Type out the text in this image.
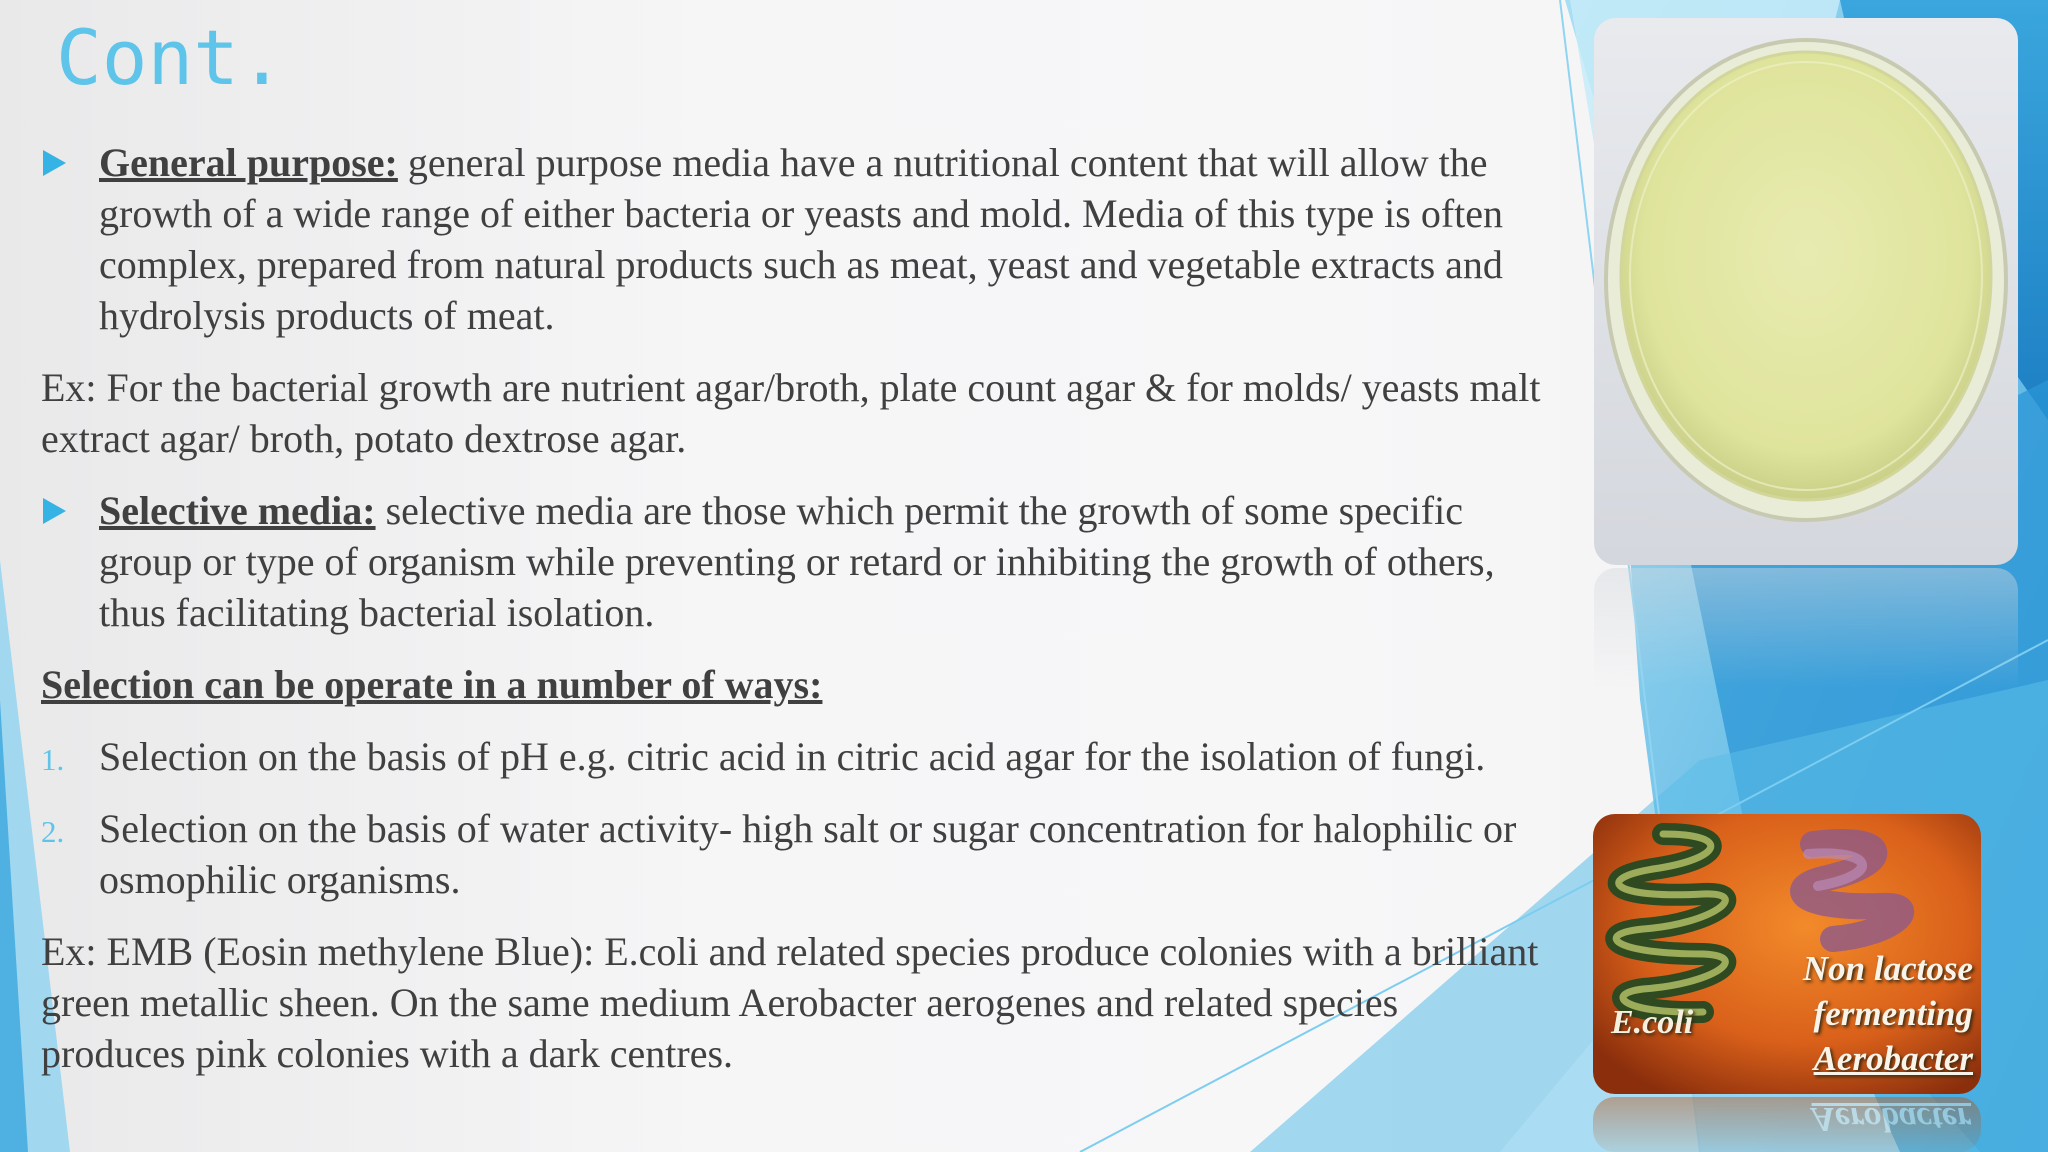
Cont.
General purpose: general purpose media have a nutritional content that will allow the growth of a wide range of either bacteria or yeasts and mold. Media of this type is often complex, prepared from natural products such as meat, yeast and vegetable extracts and hydrolysis products of meat.
Ex: For the bacterial growth are nutrient agar/broth, plate count agar & for molds/ yeasts malt extract agar/ broth, potato dextrose agar.
Selective media: selective media are those which permit the growth of some specific group or type of organism while preventing or retard or inhibiting the growth of others, thus facilitating bacterial isolation.
Selection can be operate in a number of ways:
1. Selection on the basis of pH e.g. citric acid in citric acid agar for the isolation of fungi.
2. Selection on the basis of water activity- high salt or sugar concentration for halophilic or osmophilic organisms.
Ex: EMB (Eosin methylene Blue): E.coli and related species produce colonies with a brilliant green metallic sheen. On the same medium Aerobacter aerogenes and related species produces pink colonies with a dark centres.
E.coli
Non lactose
fermenting
Aerobacter
Aerobacter
